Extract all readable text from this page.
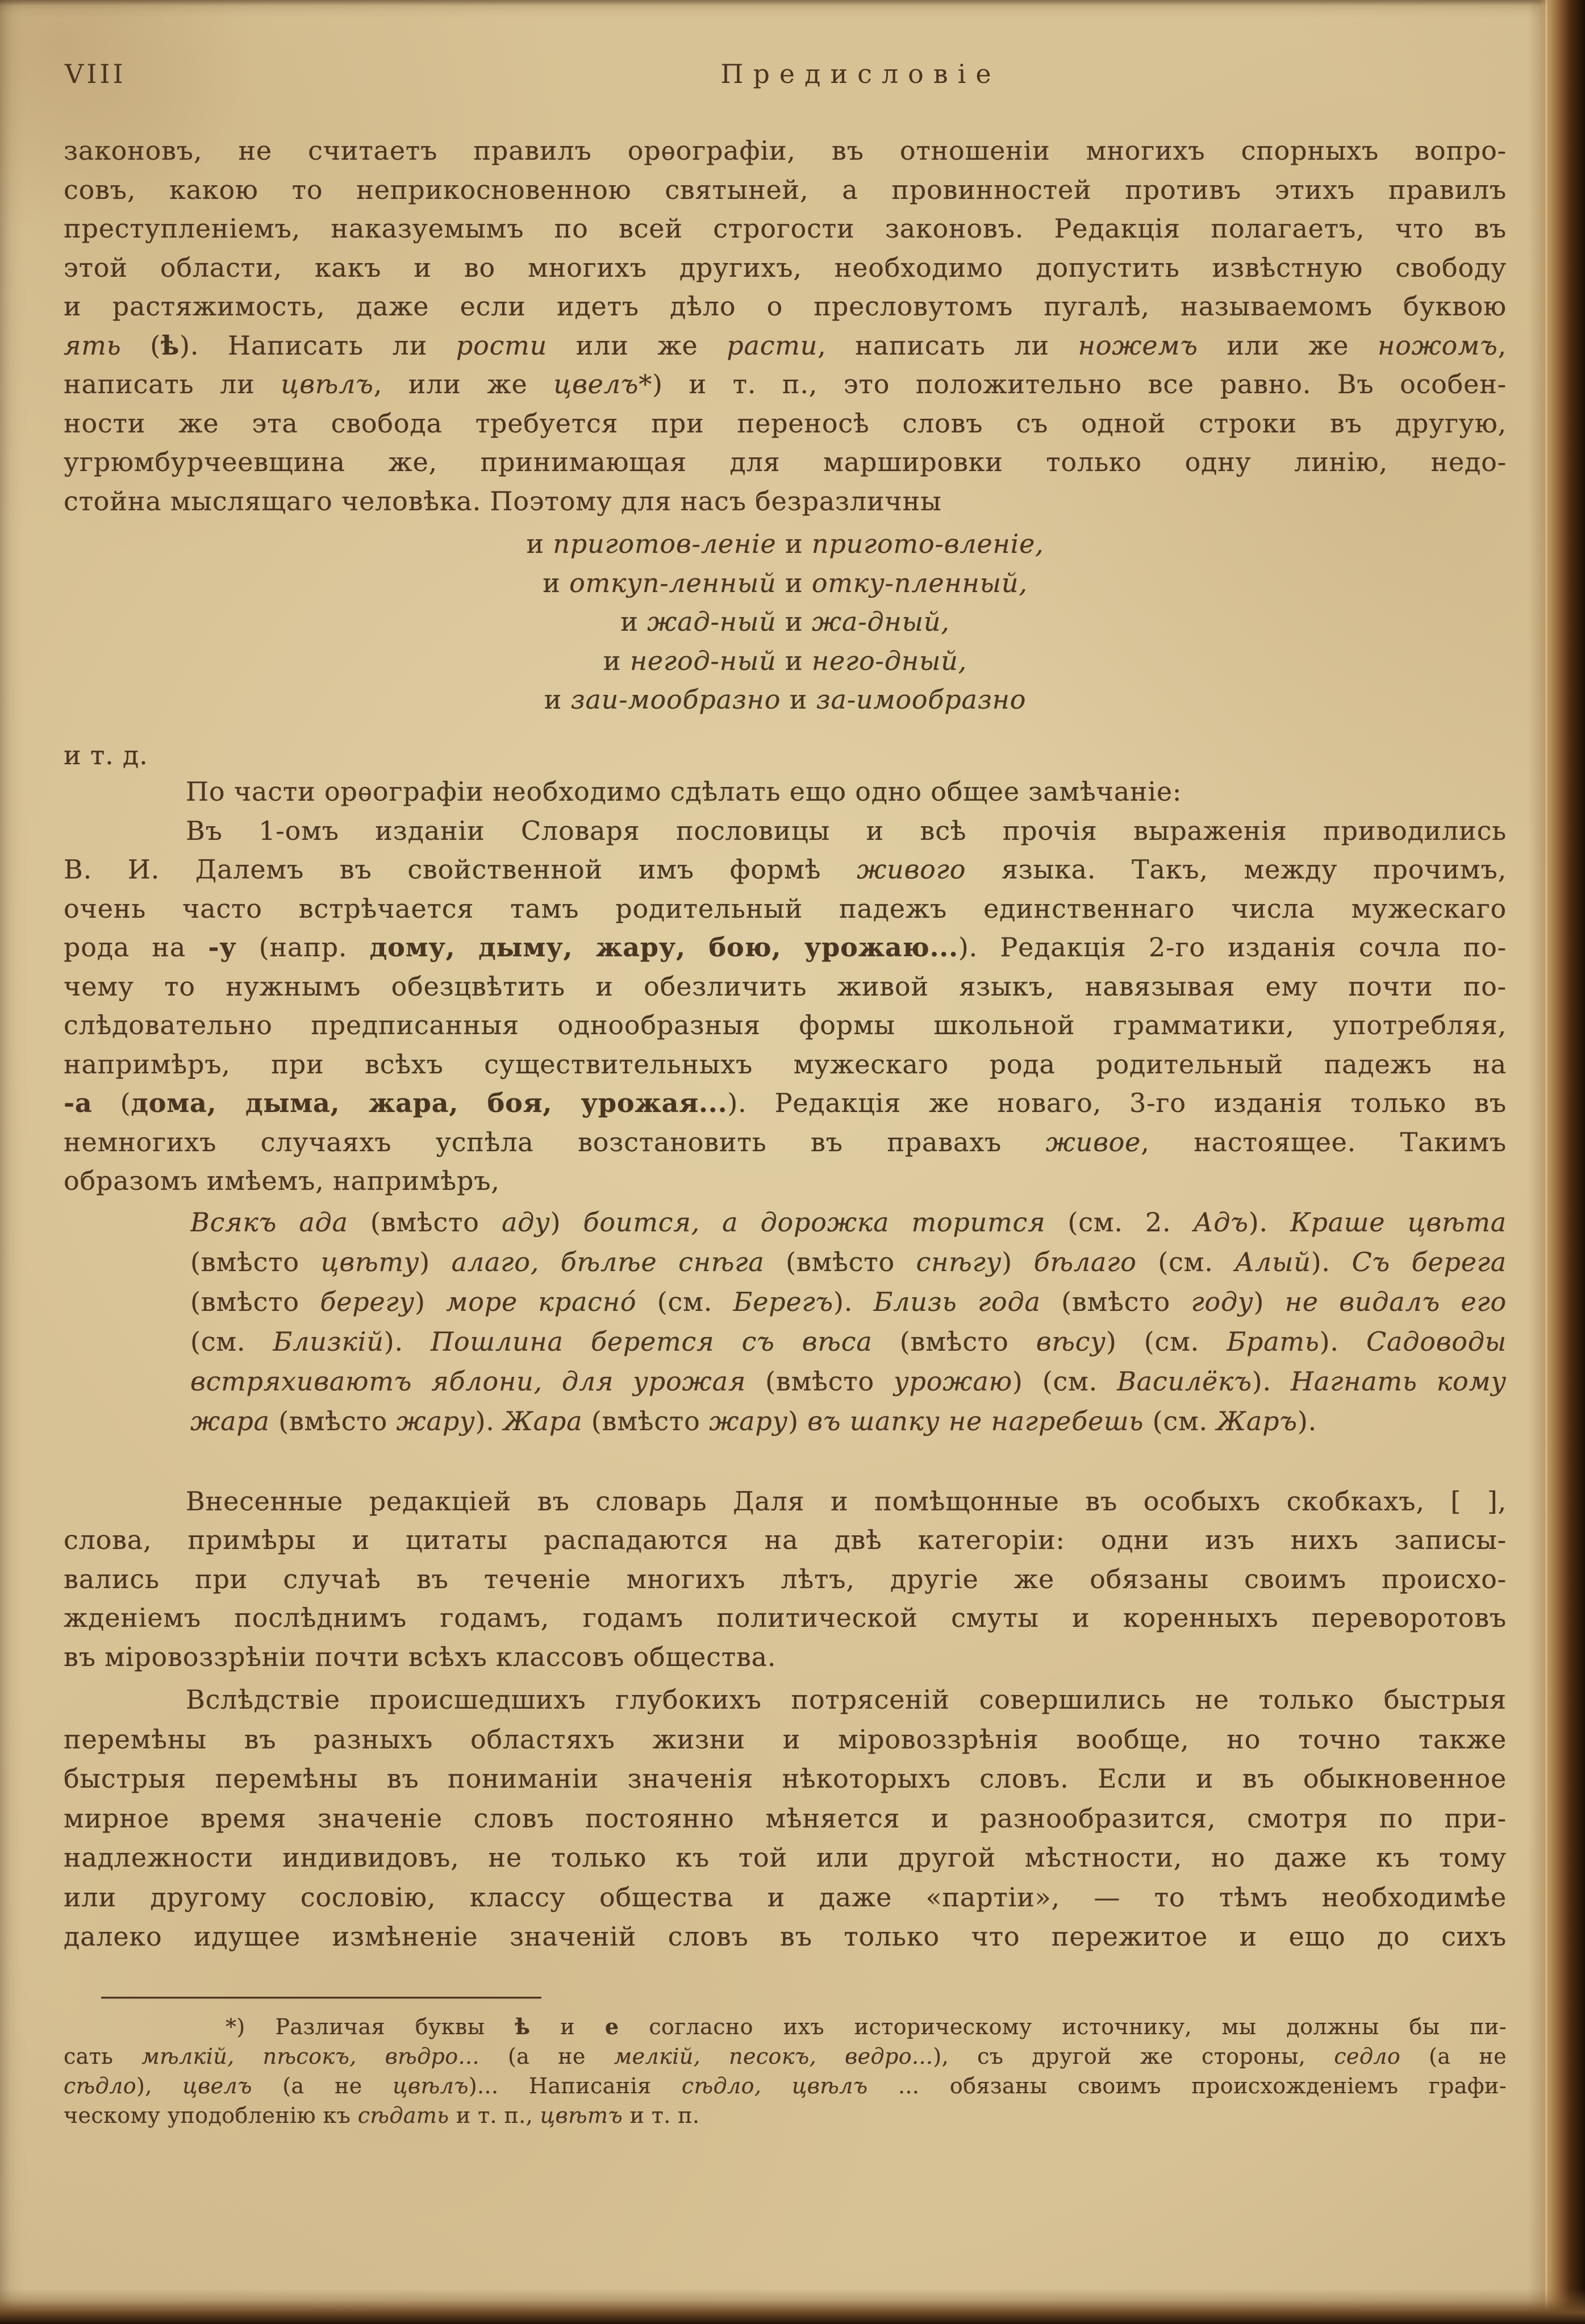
VIII	Предисловіе
законовъ, не считаетъ правилъ орѳографіи, въ отношеніи многихъ спорныхъ вопро-
совъ, какою то неприкосновенною святыней, а провинностей противъ этихъ правилъ
преступленіемъ, наказуемымъ по всей строгости законовъ. Редакція полагаетъ, что въ
этой области, какъ и во многихъ другихъ, необходимо допустить извѣстную свободу
и растяжимость, даже если идетъ дѣло о пресловутомъ пугалѣ, называемомъ буквою
ять (ѣ). Написать ли рости или же расти, написать ли ножемъ или же ножомъ,
написать ли цвѣлъ, или же цвелъ*) и т. п., это положительно все равно. Въ особен-
ности же эта свобода требуется при переносѣ словъ съ одной строки въ другую,
угрюмбурчеевщина же, принимающая для маршировки только одну линію, недо-
стойна мыслящаго человѣка. Поэтому для насъ безразличны
и приготов-леніе и пригото-вленіе,
и откуп-ленный и отку-пленный,
и жад-ный и жа-дный,
и негод-ный и него-дный,
и заи-мообразно и за-имообразно
и т. д.
По части орѳографіи необходимо сдѣлать ещо одно общее замѣчаніе:
Въ 1-омъ изданіи Словаря пословицы и всѣ прочія выраженія приводились
В. И. Далемъ въ свойственной имъ формѣ живого языка. Такъ, между прочимъ,
очень часто встрѣчается тамъ родительный падежъ единственнаго числа мужескаго
рода на -у (напр. дому, дыму, жару, бою, урожаю...). Редакція 2-го изданія сочла по-
чему то нужнымъ обезцвѣтить и обезличить живой языкъ, навязывая ему почти по-
слѣдовательно предписанныя однообразныя формы школьной грамматики, употребляя,
напримѣръ, при всѣхъ существительныхъ мужескаго рода родительный падежъ на
-а (дома, дыма, жара, боя, урожая...). Редакція же новаго, 3-го изданія только въ
немногихъ случаяхъ успѣла возстановить въ правахъ живое, настоящее. Такимъ
образомъ имѣемъ, напримѣръ,
Всякъ ада (вмѣсто аду) боится, а дорожка торится (см. 2. Адъ). Краше цвѣта
(вмѣсто цвѣту) алаго, бѣлѣе снѣга (вмѣсто снѣгу) бѣлаго (см. Алый). Съ берега
(вмѣсто берегу) море красно́ (см. Берегъ). Близь года (вмѣсто году) не видалъ его
(см. Близкій). Пошлина берется съ вѣса (вмѣсто вѣсу) (см. Брать). Садоводы
встряхиваютъ яблони, для урожая (вмѣсто урожаю) (см. Василёкъ). Нагнать кому
жара (вмѣсто жару). Жара (вмѣсто жару) въ шапку не нагребешь (см. Жаръ).
Внесенные редакціей въ словарь Даля и помѣщонные въ особыхъ скобкахъ, [ ],
слова, примѣры и цитаты распадаются на двѣ категоріи: одни изъ нихъ записы-
вались при случаѣ въ теченіе многихъ лѣтъ, другіе же обязаны своимъ происхо-
жденіемъ послѣднимъ годамъ, годамъ политической смуты и коренныхъ переворотовъ
въ міровоззрѣніи почти всѣхъ классовъ общества.
Вслѣдствіе происшедшихъ глубокихъ потрясеній совершились не только быстрыя
перемѣны въ разныхъ областяхъ жизни и міровоззрѣнія вообще, но точно также
быстрыя перемѣны въ пониманіи значенія нѣкоторыхъ словъ. Если и въ обыкновенное
мирное время значеніе словъ постоянно мѣняется и разнообразится, смотря по при-
надлежности индивидовъ, не только къ той или другой мѣстности, но даже къ тому
или другому сословію, классу общества и даже «партіи», — то тѣмъ необходимѣе
далеко идущее измѣненіе значеній словъ въ только что пережитое и ещо до сихъ
*) Различая буквы ѣ и е согласно ихъ историческому источнику, мы должны бы пи-
сать мѣлкій, пѣсокъ, вѣдро... (а не мелкій, песокъ, ведро...), съ другой же стороны, седло (а не
сѣдло), цвелъ (а не цвѣлъ)... Написанія сѣдло, цвѣлъ ... обязаны своимъ происхожденіемъ графи-
ческому уподобленію къ сѣдать и т. п., цвѣтъ и т. п.
